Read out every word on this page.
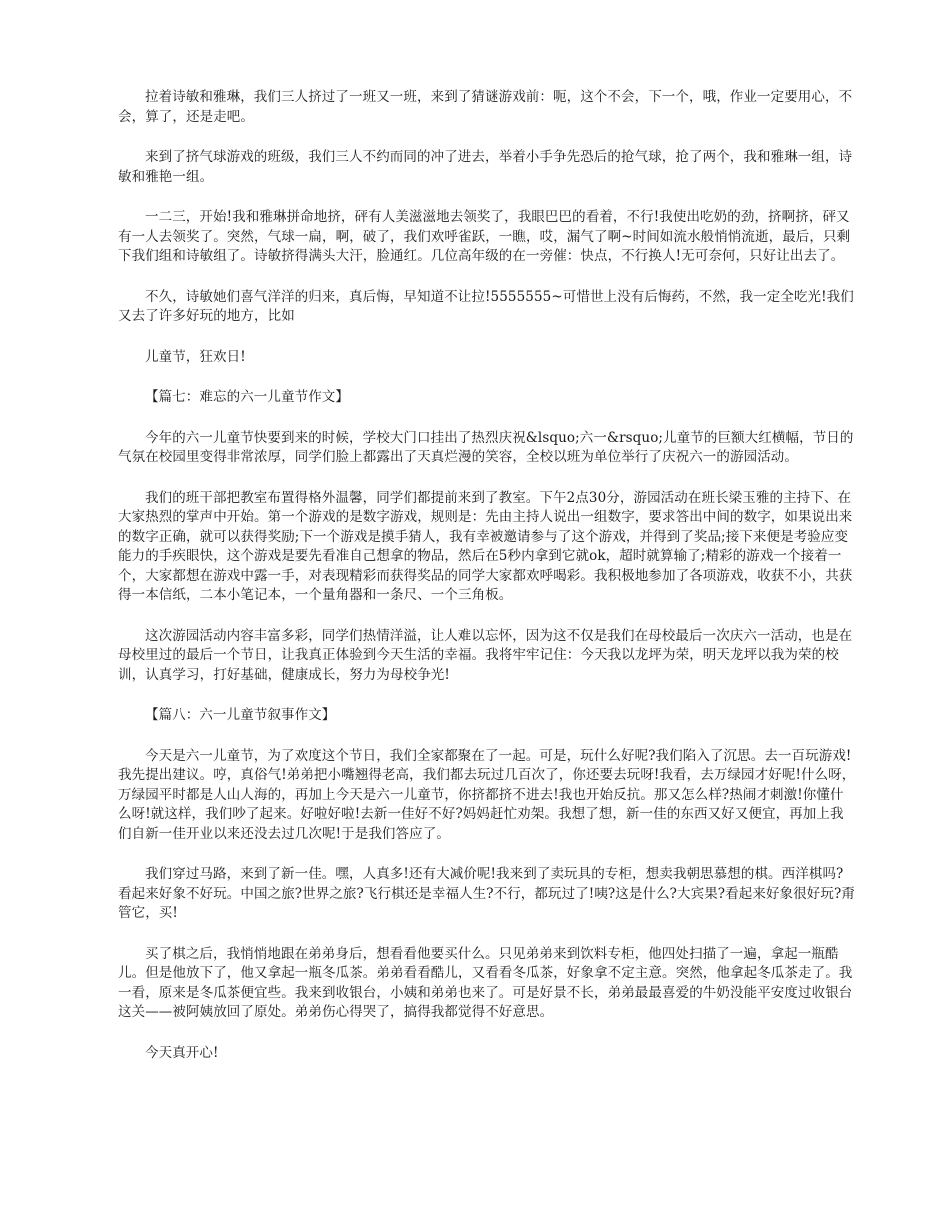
拉着诗敏和雅琳，我们三人挤过了一班又一班，来到了猜谜游戏前：呃，这个不会，下一个，哦，作业一定要用心，不会，算了，还是走吧。

来到了挤气球游戏的班级，我们三人不约而同的冲了进去，举着小手争先恐后的抢气球，抢了两个，我和雅琳一组，诗敏和雅艳一组。

一二三，开始!我和雅琳拼命地挤，砰有人美滋滋地去领奖了，我眼巴巴的看着，不行!我使出吃奶的劲，挤啊挤，砰又有一人去领奖了。突然，气球一扁，啊，破了，我们欢呼雀跃，一瞧，哎，漏气了啊~时间如流水般悄悄流逝，最后，只剩下我们组和诗敏组了。诗敏挤得满头大汗，脸通红。几位高年级的在一旁催：快点，不行换人!无可奈何，只好让出去了。

不久，诗敏她们喜气洋洋的归来，真后悔，早知道不让拉!5555555~可惜世上没有后悔药，不然，我一定全吃光!我们又去了许多好玩的地方，比如

儿童节，狂欢日!

【篇七：难忘的六一儿童节作文】

今年的六一儿童节快要到来的时候，学校大门口挂出了热烈庆祝&lsquo;六一&rsquo;儿童节的巨额大红横幅，节日的气氛在校园里变得非常浓厚，同学们脸上都露出了天真烂漫的笑容，全校以班为单位举行了庆祝六一的游园活动。

我们的班干部把教室布置得格外温馨，同学们都提前来到了教室。下午2点30分，游园活动在班长梁玉雅的主持下、在大家热烈的掌声中开始。第一个游戏的是数字游戏，规则是：先由主持人说出一组数字，要求答出中间的数字，如果说出来的数字正确，就可以获得奖励;下一个游戏是摸手猜人，我有幸被邀请参与了这个游戏，并得到了奖品;接下来便是考验应变能力的手疾眼快，这个游戏是要先看准自己想拿的物品，然后在5秒内拿到它就ok，超时就算输了;精彩的游戏一个接着一个，大家都想在游戏中露一手，对表现精彩而获得奖品的同学大家都欢呼喝彩。我积极地参加了各项游戏，收获不小，共获得一本信纸，二本小笔记本，一个量角器和一条尺、一个三角板。

这次游园活动内容丰富多彩，同学们热情洋溢，让人难以忘怀，因为这不仅是我们在母校最后一次庆六一活动，也是在母校里过的最后一个节日，让我真正体验到今天生活的幸福。我将牢牢记住：今天我以龙坪为荣，明天龙坪以我为荣的校训，认真学习，打好基础，健康成长，努力为母校争光!

【篇八：六一儿童节叙事作文】

今天是六一儿童节，为了欢度这个节日，我们全家都聚在了一起。可是，玩什么好呢?我们陷入了沉思。去一百玩游戏!我先提出建议。哼，真俗气!弟弟把小嘴翘得老高，我们都去玩过几百次了，你还要去玩呀!我看，去万绿园才好呢!什么呀，万绿园平时都是人山人海的，再加上今天是六一儿童节，你挤都挤不进去!我也开始反抗。那又怎么样?热闹才刺激!你懂什么呀!就这样，我们吵了起来。好啦好啦!去新一佳好不好?妈妈赶忙劝架。我想了想，新一佳的东西又好又便宜，再加上我们自新一佳开业以来还没去过几次呢!于是我们答应了。

我们穿过马路，来到了新一佳。嘿，人真多!还有大减价呢!我来到了卖玩具的专柜，想卖我朝思慕想的棋。西洋棋吗?看起来好象不好玩。中国之旅?世界之旅?飞行棋还是幸福人生?不行，都玩过了!咦?这是什么?大宾果?看起来好象很好玩?甭管它，买!

买了棋之后，我悄悄地跟在弟弟身后，想看看他要买什么。只见弟弟来到饮料专柜，他四处扫描了一遍，拿起一瓶酷儿。但是他放下了，他又拿起一瓶冬瓜茶。弟弟看看酷儿，又看看冬瓜茶，好象拿不定主意。突然，他拿起冬瓜茶走了。我一看，原来是冬瓜茶便宜些。我来到收银台，小姨和弟弟也来了。可是好景不长，弟弟最最喜爱的牛奶没能平安度过收银台这关——被阿姨放回了原处。弟弟伤心得哭了，搞得我都觉得不好意思。

今天真开心!
